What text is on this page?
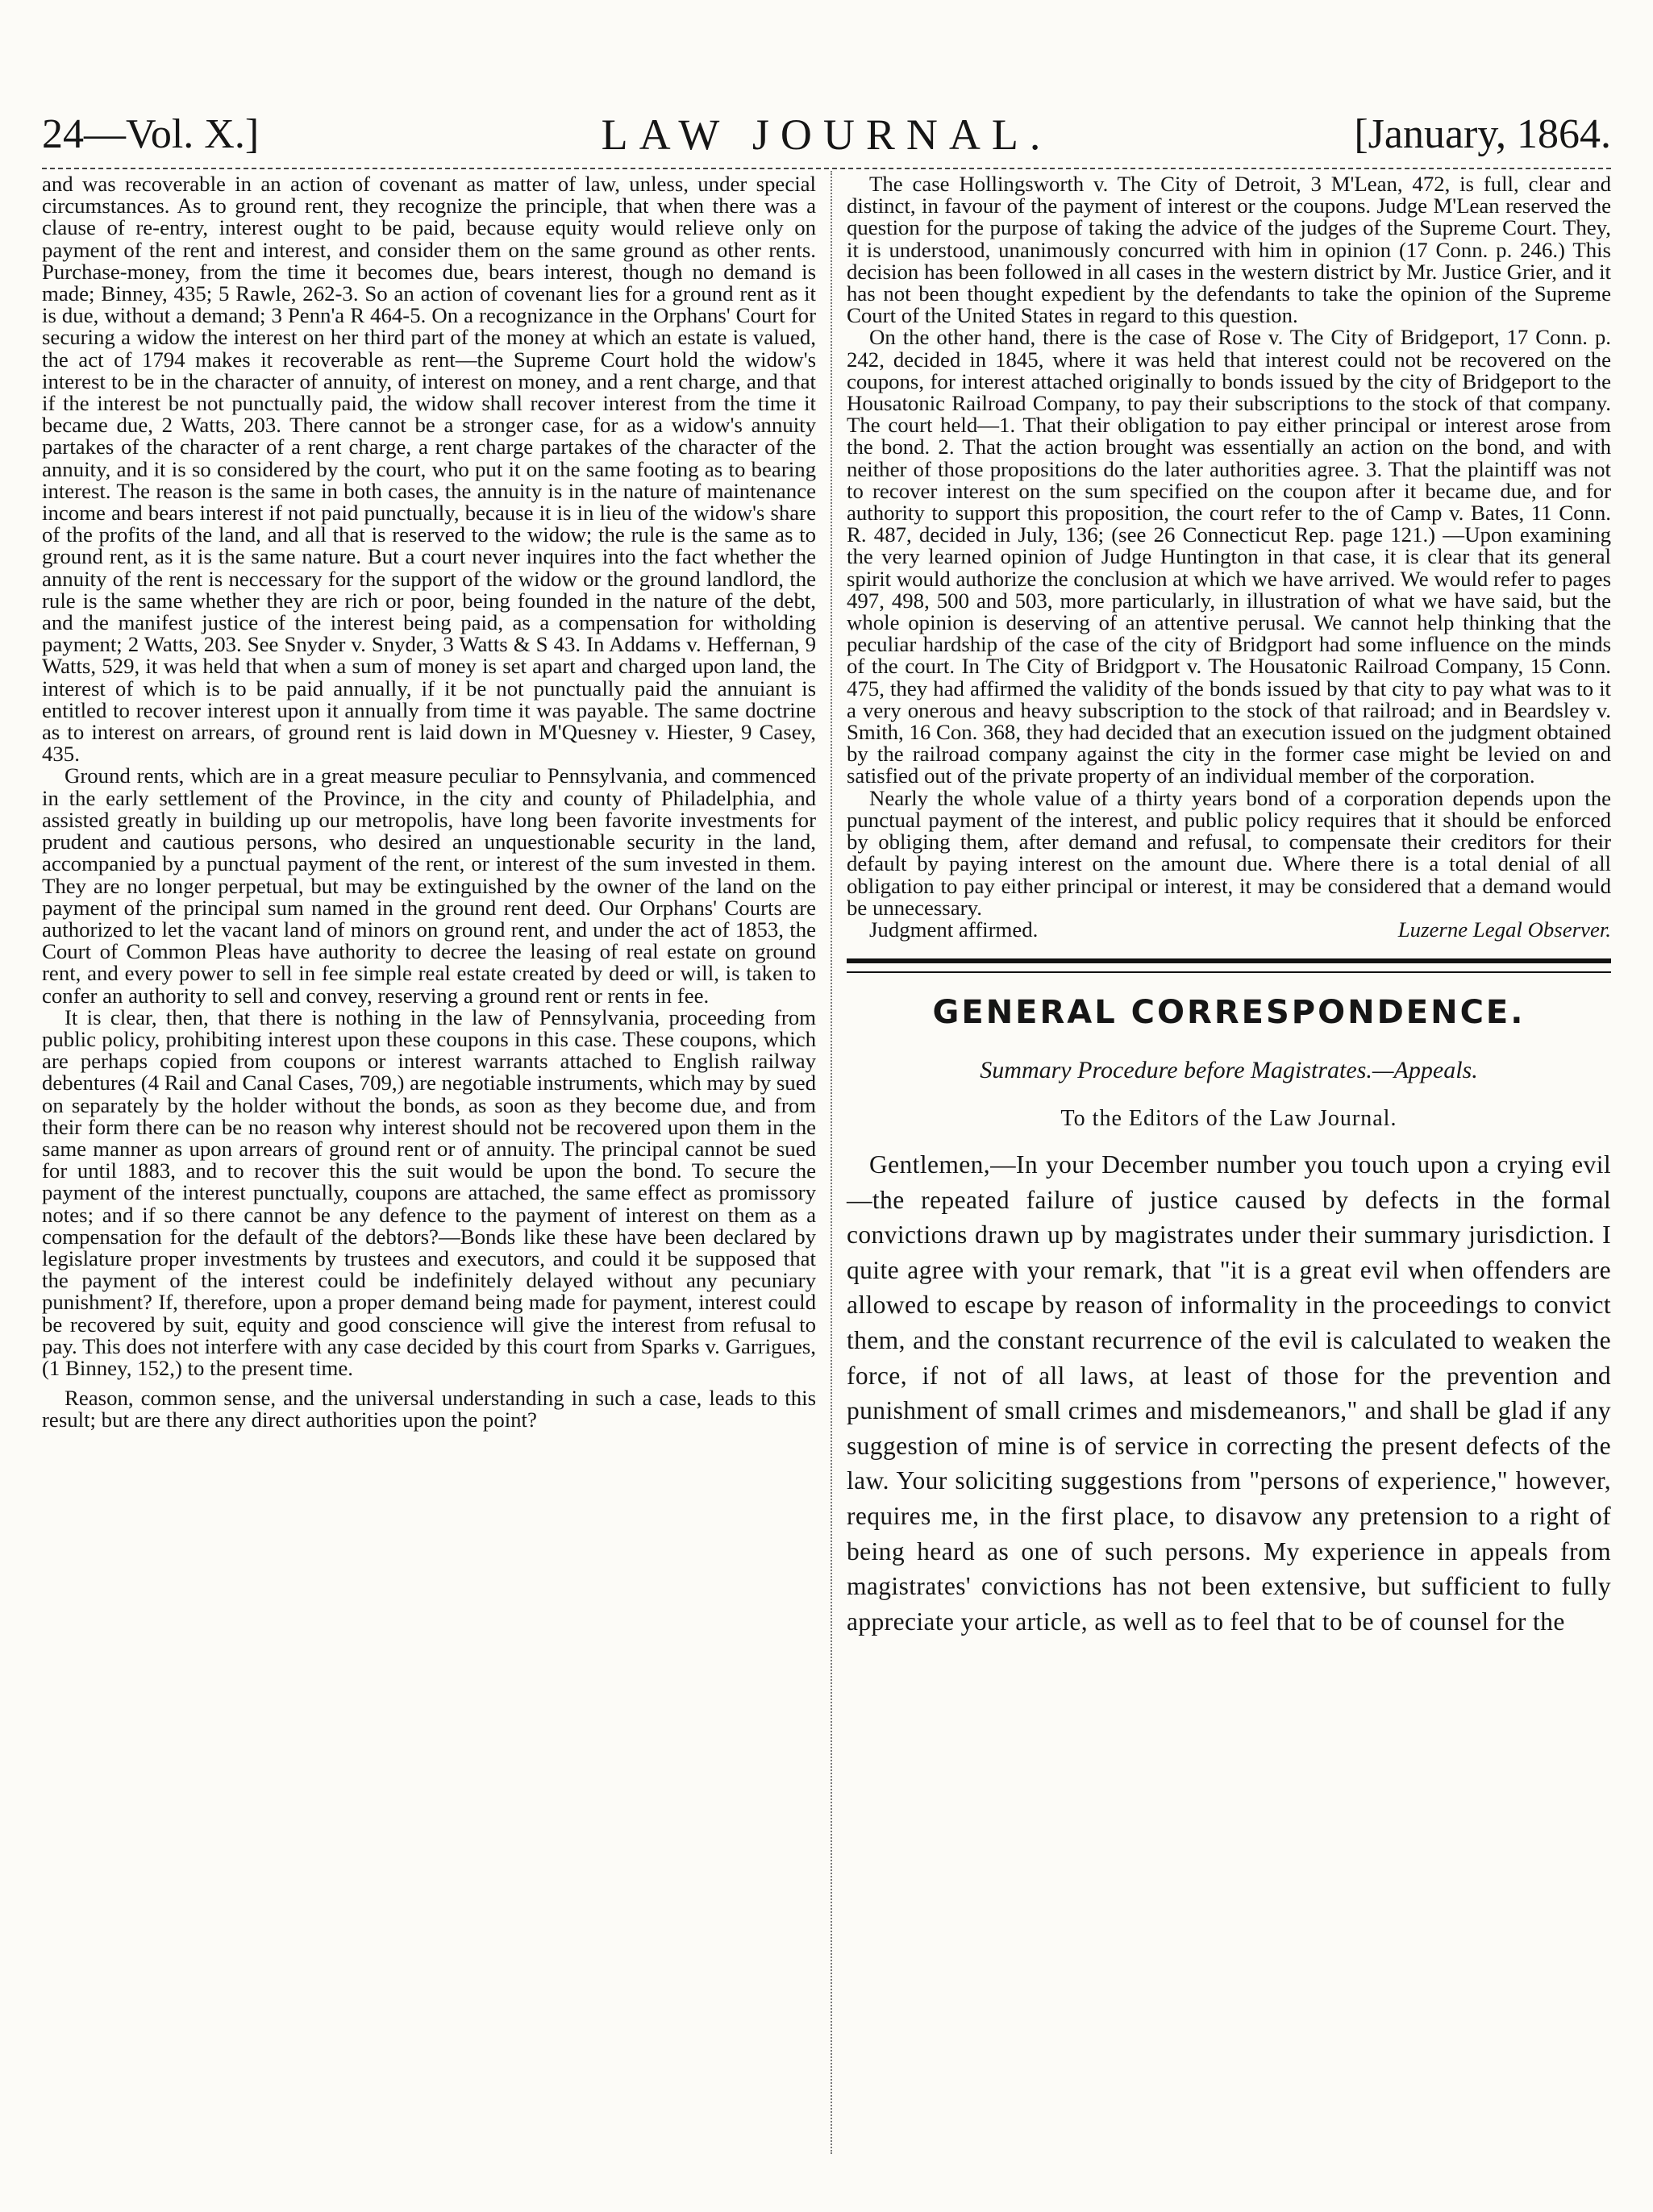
24—Vol. X.]	LAW JOURNAL.	[January, 1864.

and was recoverable in an action of covenant as matter of law, unless, under special circumstances. As to ground rent, they recognize the principle, that when there was a clause of re-entry, interest ought to be paid, because equity would relieve only on payment of the rent and interest, and consider them on the same ground as other rents. Purchase-money, from the time it becomes due, bears interest, though no demand is made; Binney, 435; 5 Rawle, 262-3. So an action of covenant lies for a ground rent as it is due, without a demand; 3 Penn'a R 464-5. On a recognizance in the Orphans' Court for securing a widow the interest on her third part of the money at which an estate is valued, the act of 1794 makes it recoverable as rent—the Supreme Court hold the widow's interest to be in the character of annuity, of interest on money, and a rent charge, and that if the interest be not punctually paid, the widow shall recover interest from the time it became due, 2 Watts, 203. There cannot be a stronger case, for as a widow's annuity partakes of the character of a rent charge, a rent charge partakes of the character of the annuity, and it is so considered by the court, who put it on the same footing as to bearing interest. The reason is the same in both cases, the annuity is in the nature of maintenance income and bears interest if not paid punctually, because it is in lieu of the widow's share of the profits of the land, and all that is reserved to the widow; the rule is the same as to ground rent, as it is the same nature. But a court never inquires into the fact whether the annuity of the rent is neccessary for the support of the widow or the ground landlord, the rule is the same whether they are rich or poor, being founded in the nature of the debt, and the manifest justice of the interest being paid, as a compensation for witholding payment; 2 Watts, 203. See Snyder v. Snyder, 3 Watts & S 43. In Addams v. Heffernan, 9 Watts, 529, it was held that when a sum of money is set apart and charged upon land, the interest of which is to be paid annually, if it be not punctually paid the annuiant is entitled to recover interest upon it annually from time it was payable. The same doctrine as to interest on arrears, of ground rent is laid down in M'Quesney v. Hiester, 9 Casey, 435.

Ground rents, which are in a great measure peculiar to Pennsylvania, and commenced in the early settlement of the Province, in the city and county of Philadelphia, and assisted greatly in building up our metropolis, have long been favorite investments for prudent and cautious persons, who desired an unquestionable security in the land, accompanied by a punctual payment of the rent, or interest of the sum invested in them. They are no longer perpetual, but may be extinguished by the owner of the land on the payment of the principal sum named in the ground rent deed. Our Orphans' Courts are authorized to let the vacant land of minors on ground rent, and under the act of 1853, the Court of Common Pleas have authority to decree the leasing of real estate on ground rent, and every power to sell in fee simple real estate created by deed or will, is taken to confer an authority to sell and convey, reserving a ground rent or rents in fee.

It is clear, then, that there is nothing in the law of Pennsylvania, proceeding from public policy, prohibiting interest upon these coupons in this case. These coupons, which are perhaps copied from coupons or interest warrants attached to English railway debentures (4 Rail and Canal Cases, 709,) are negotiable instruments, which may by sued on separately by the holder without the bonds, as soon as they become due, and from their form there can be no reason why interest should not be recovered upon them in the same manner as upon arrears of ground rent or of annuity. The principal cannot be sued for until 1883, and to recover this the suit would be upon the bond. To secure the payment of the interest punctually, coupons are attached, the same effect as promissory notes; and if so there cannot be any defence to the payment of interest on them as a compensation for the default of the debtors?—Bonds like these have been declared by legislature proper investments by trustees and executors, and could it be supposed that the payment of the interest could be indefinitely delayed without any pecuniary punishment? If, therefore, upon a proper demand being made for payment, interest could be recovered by suit, equity and good conscience will give the interest from refusal to pay. This does not interfere with any case decided by this court from Sparks v. Garrigues, (1 Binney, 152,) to the present time.

Reason, common sense, and the universal understanding in such a case, leads to this result; but are there any direct authorities upon the point?

The case Hollingsworth v. The City of Detroit, 3 M'Lean, 472, is full, clear and distinct, in favour of the payment of interest or the coupons. Judge M'Lean reserved the question for the purpose of taking the advice of the judges of the Supreme Court. They, it is understood, unanimously concurred with him in opinion (17 Conn. p. 246.) This decision has been followed in all cases in the western district by Mr. Justice Grier, and it has not been thought expedient by the defendants to take the opinion of the Supreme Court of the United States in regard to this question.

On the other hand, there is the case of Rose v. The City of Bridgeport, 17 Conn. p. 242, decided in 1845, where it was held that interest could not be recovered on the coupons, for interest attached originally to bonds issued by the city of Bridgeport to the Housatonic Railroad Company, to pay their subscriptions to the stock of that company. The court held—1. That their obligation to pay either principal or interest arose from the bond. 2. That the action brought was essentially an action on the bond, and with neither of those propositions do the later authorities agree. 3. That the plaintiff was not to recover interest on the sum specified on the coupon after it became due, and for authority to support this proposition, the court refer to the of Camp v. Bates, 11 Conn. R. 487, decided in July, 136; (see 26 Connecticut Rep. page 121.) —Upon examining the very learned opinion of Judge Huntington in that case, it is clear that its general spirit would authorize the conclusion at which we have arrived. We would refer to pages 497, 498, 500 and 503, more particularly, in illustration of what we have said, but the whole opinion is deserving of an attentive perusal. We cannot help thinking that the peculiar hardship of the case of the city of Bridgport had some influence on the minds of the court. In The City of Bridgport v. The Housatonic Railroad Company, 15 Conn. 475, they had affirmed the validity of the bonds issued by that city to pay what was to it a very onerous and heavy subscription to the stock of that railroad; and in Beardsley v. Smith, 16 Con. 368, they had decided that an execution issued on the judgment obtained by the railroad company against the city in the former case might be levied on and satisfied out of the private property of an individual member of the corporation.

Nearly the whole value of a thirty years bond of a corporation depends upon the punctual payment of the interest, and public policy requires that it should be enforced by obliging them, after demand and refusal, to compensate their creditors for their default by paying interest on the amount due. Where there is a total denial of all obligation to pay either principal or interest, it may be considered that a demand would be unnecessary.

Judgment affirmed.	Luzerne Legal Observer.
GENERAL CORRESPONDENCE.
Summary Procedure before Magistrates.—Appeals.
To the Editors of the Law Journal.

Gentlemen,—In your December number you touch upon a crying evil—the repeated failure of justice caused by defects in the formal convictions drawn up by magistrates under their summary jurisdiction. I quite agree with your remark, that "it is a great evil when offenders are allowed to escape by reason of informality in the proceedings to convict them, and the constant recurrence of the evil is calculated to weaken the force, if not of all laws, at least of those for the prevention and punishment of small crimes and misdemeanors," and shall be glad if any suggestion of mine is of service in correcting the present defects of the law. Your soliciting suggestions from "persons of experience," however, requires me, in the first place, to disavow any pretension to a right of being heard as one of such persons. My experience in appeals from magistrates' convictions has not been extensive, but sufficient to fully appreciate your article, as well as to feel that to be of counsel for the
